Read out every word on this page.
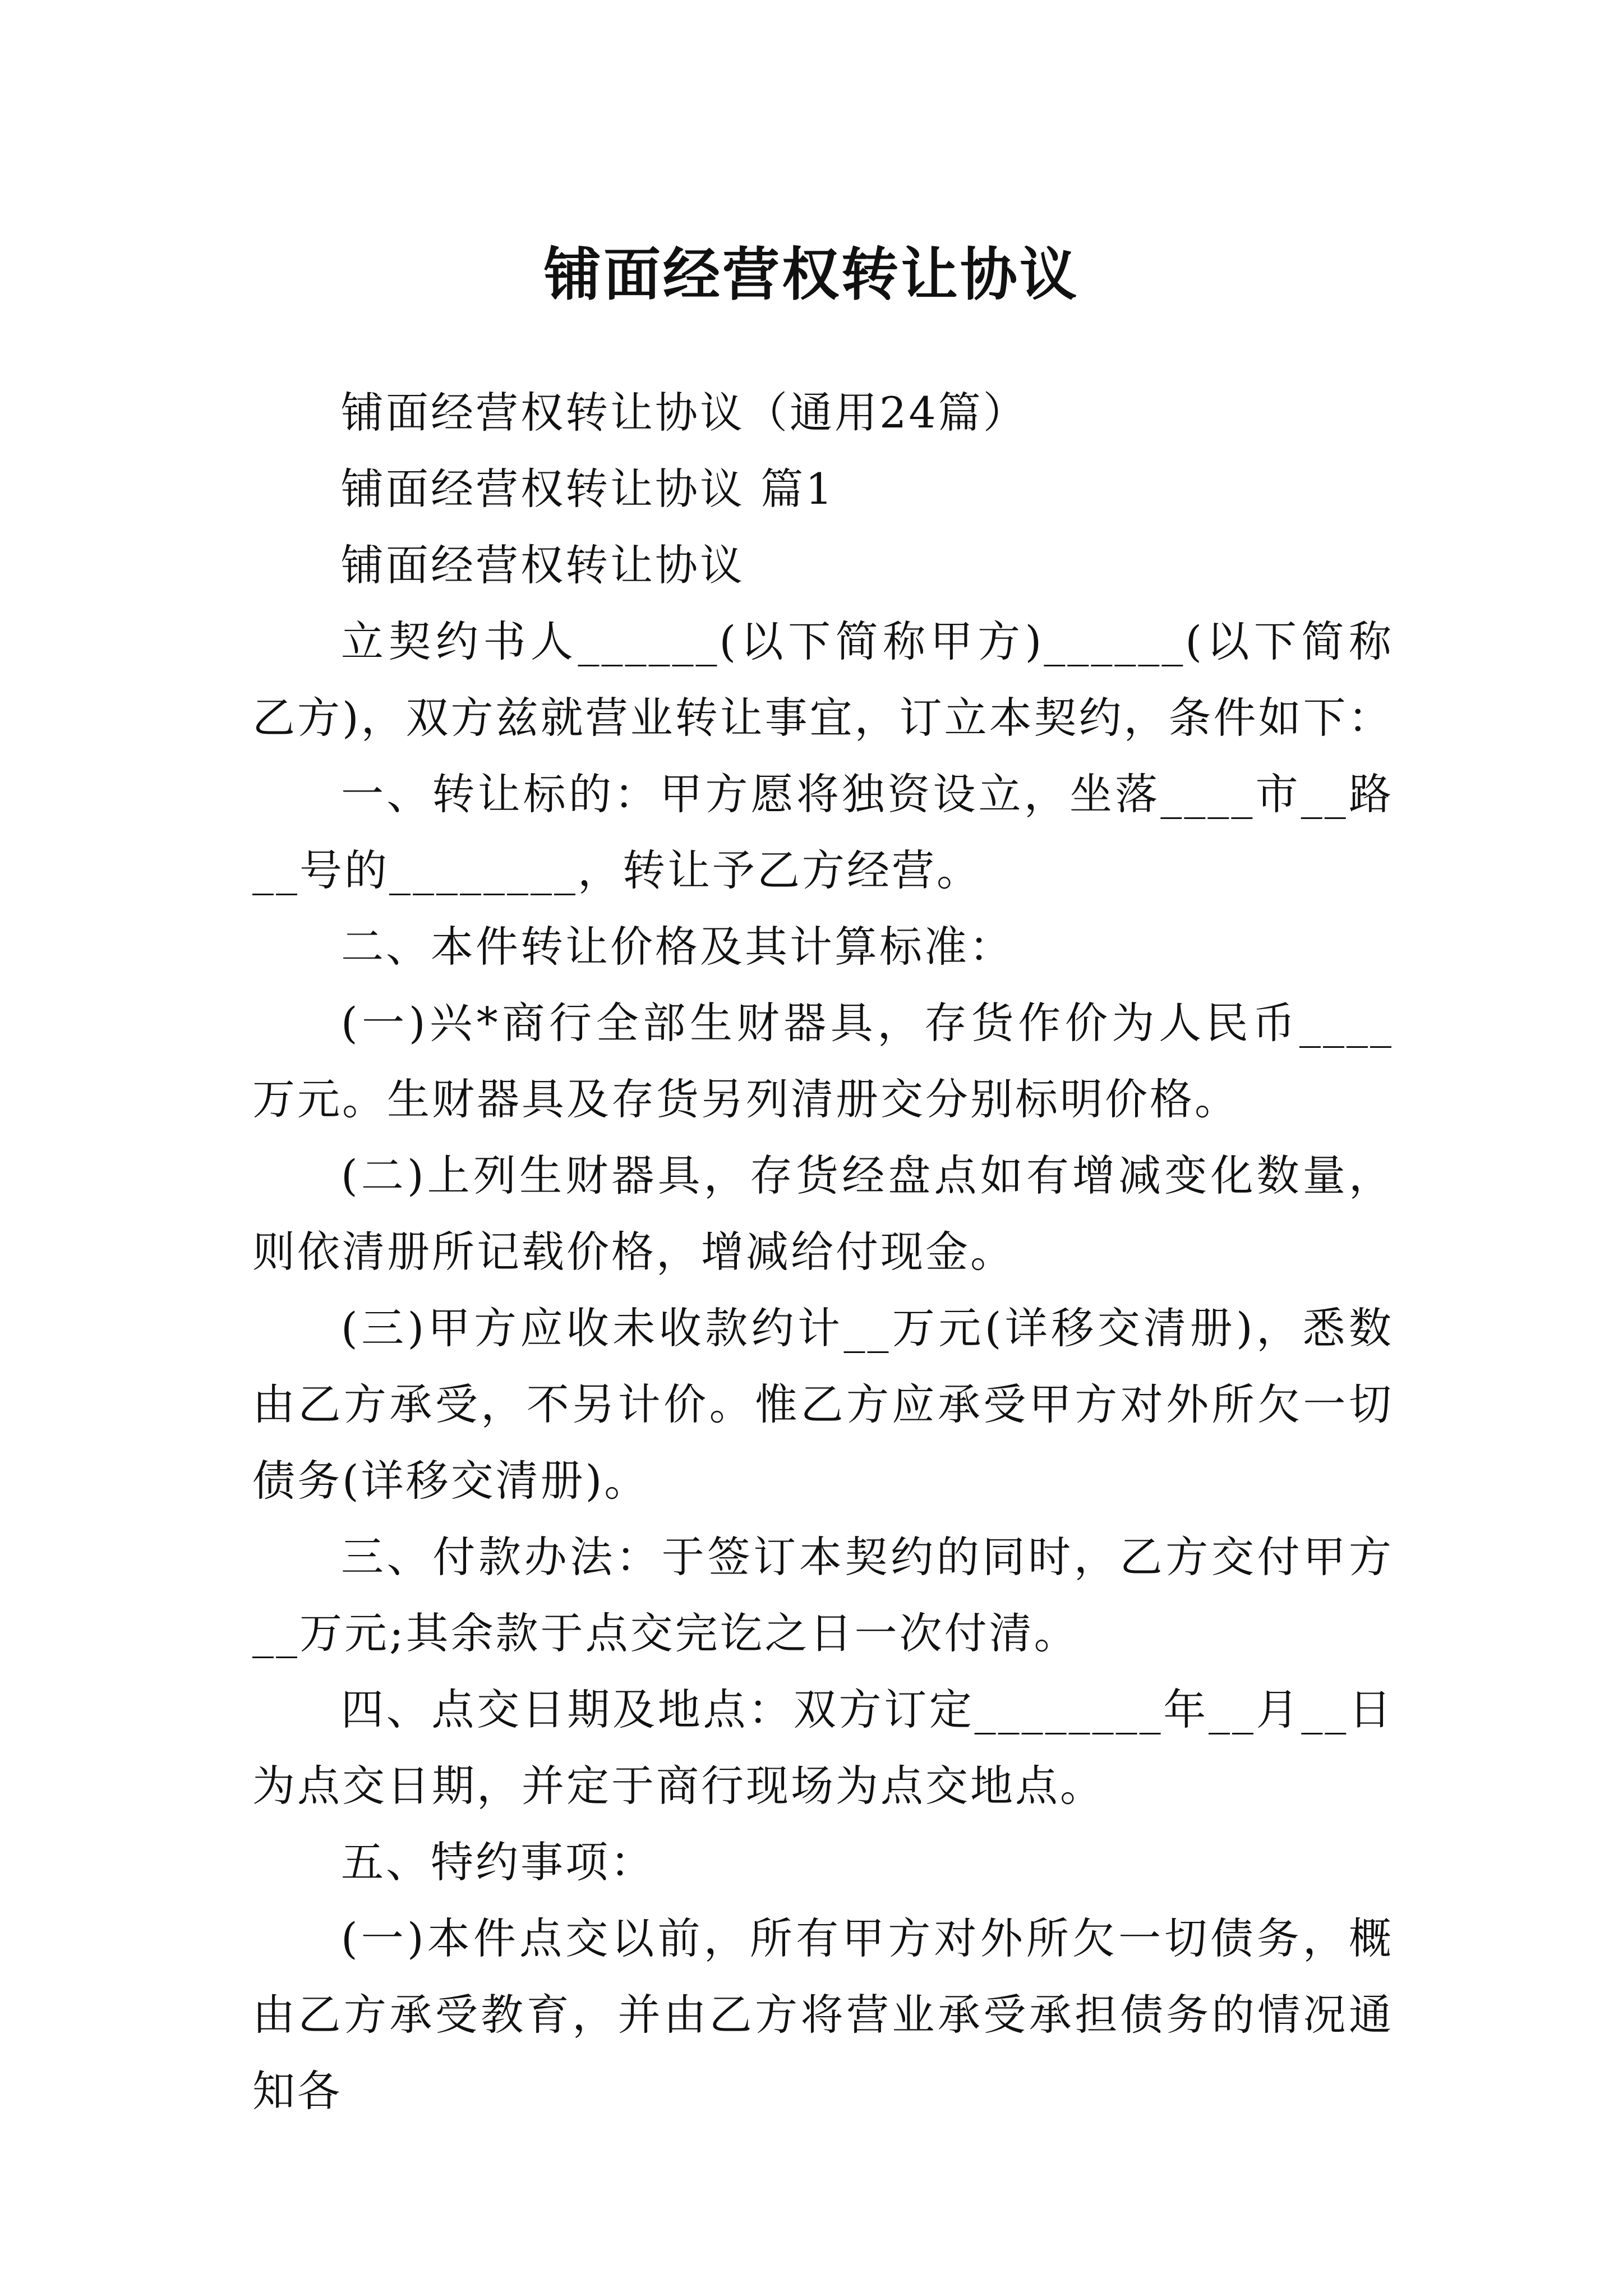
铺面经营权转让协议

铺面经营权转让协议（通用24篇）

铺面经营权转让协议 篇1

铺面经营权转让协议

立契约书人______(以下简称甲方)______(以下简称乙方)，双方兹就营业转让事宜，订立本契约，条件如下：

一、转让标的：甲方愿将独资设立，坐落____市__路__号的________，转让予乙方经营。

二、本件转让价格及其计算标准：

(一)兴*商行全部生财器具，存货作价为人民币____万元。生财器具及存货另列清册交分别标明价格。

(二)上列生财器具，存货经盘点如有增减变化数量，则依清册所记载价格，增减给付现金。

(三)甲方应收未收款约计__万元(详移交清册)，悉数由乙方承受，不另计价。惟乙方应承受甲方对外所欠一切债务(详移交清册)。

三、付款办法：于签订本契约的同时，乙方交付甲方__万元;其余款于点交完讫之日一次付清。

四、点交日期及地点：双方订定________年__月__日为点交日期，并定于商行现场为点交地点。

五、特约事项：

(一)本件点交以前，所有甲方对外所欠一切债务，概由乙方承受教育，并由乙方将营业承受承担债务的情况通知各
